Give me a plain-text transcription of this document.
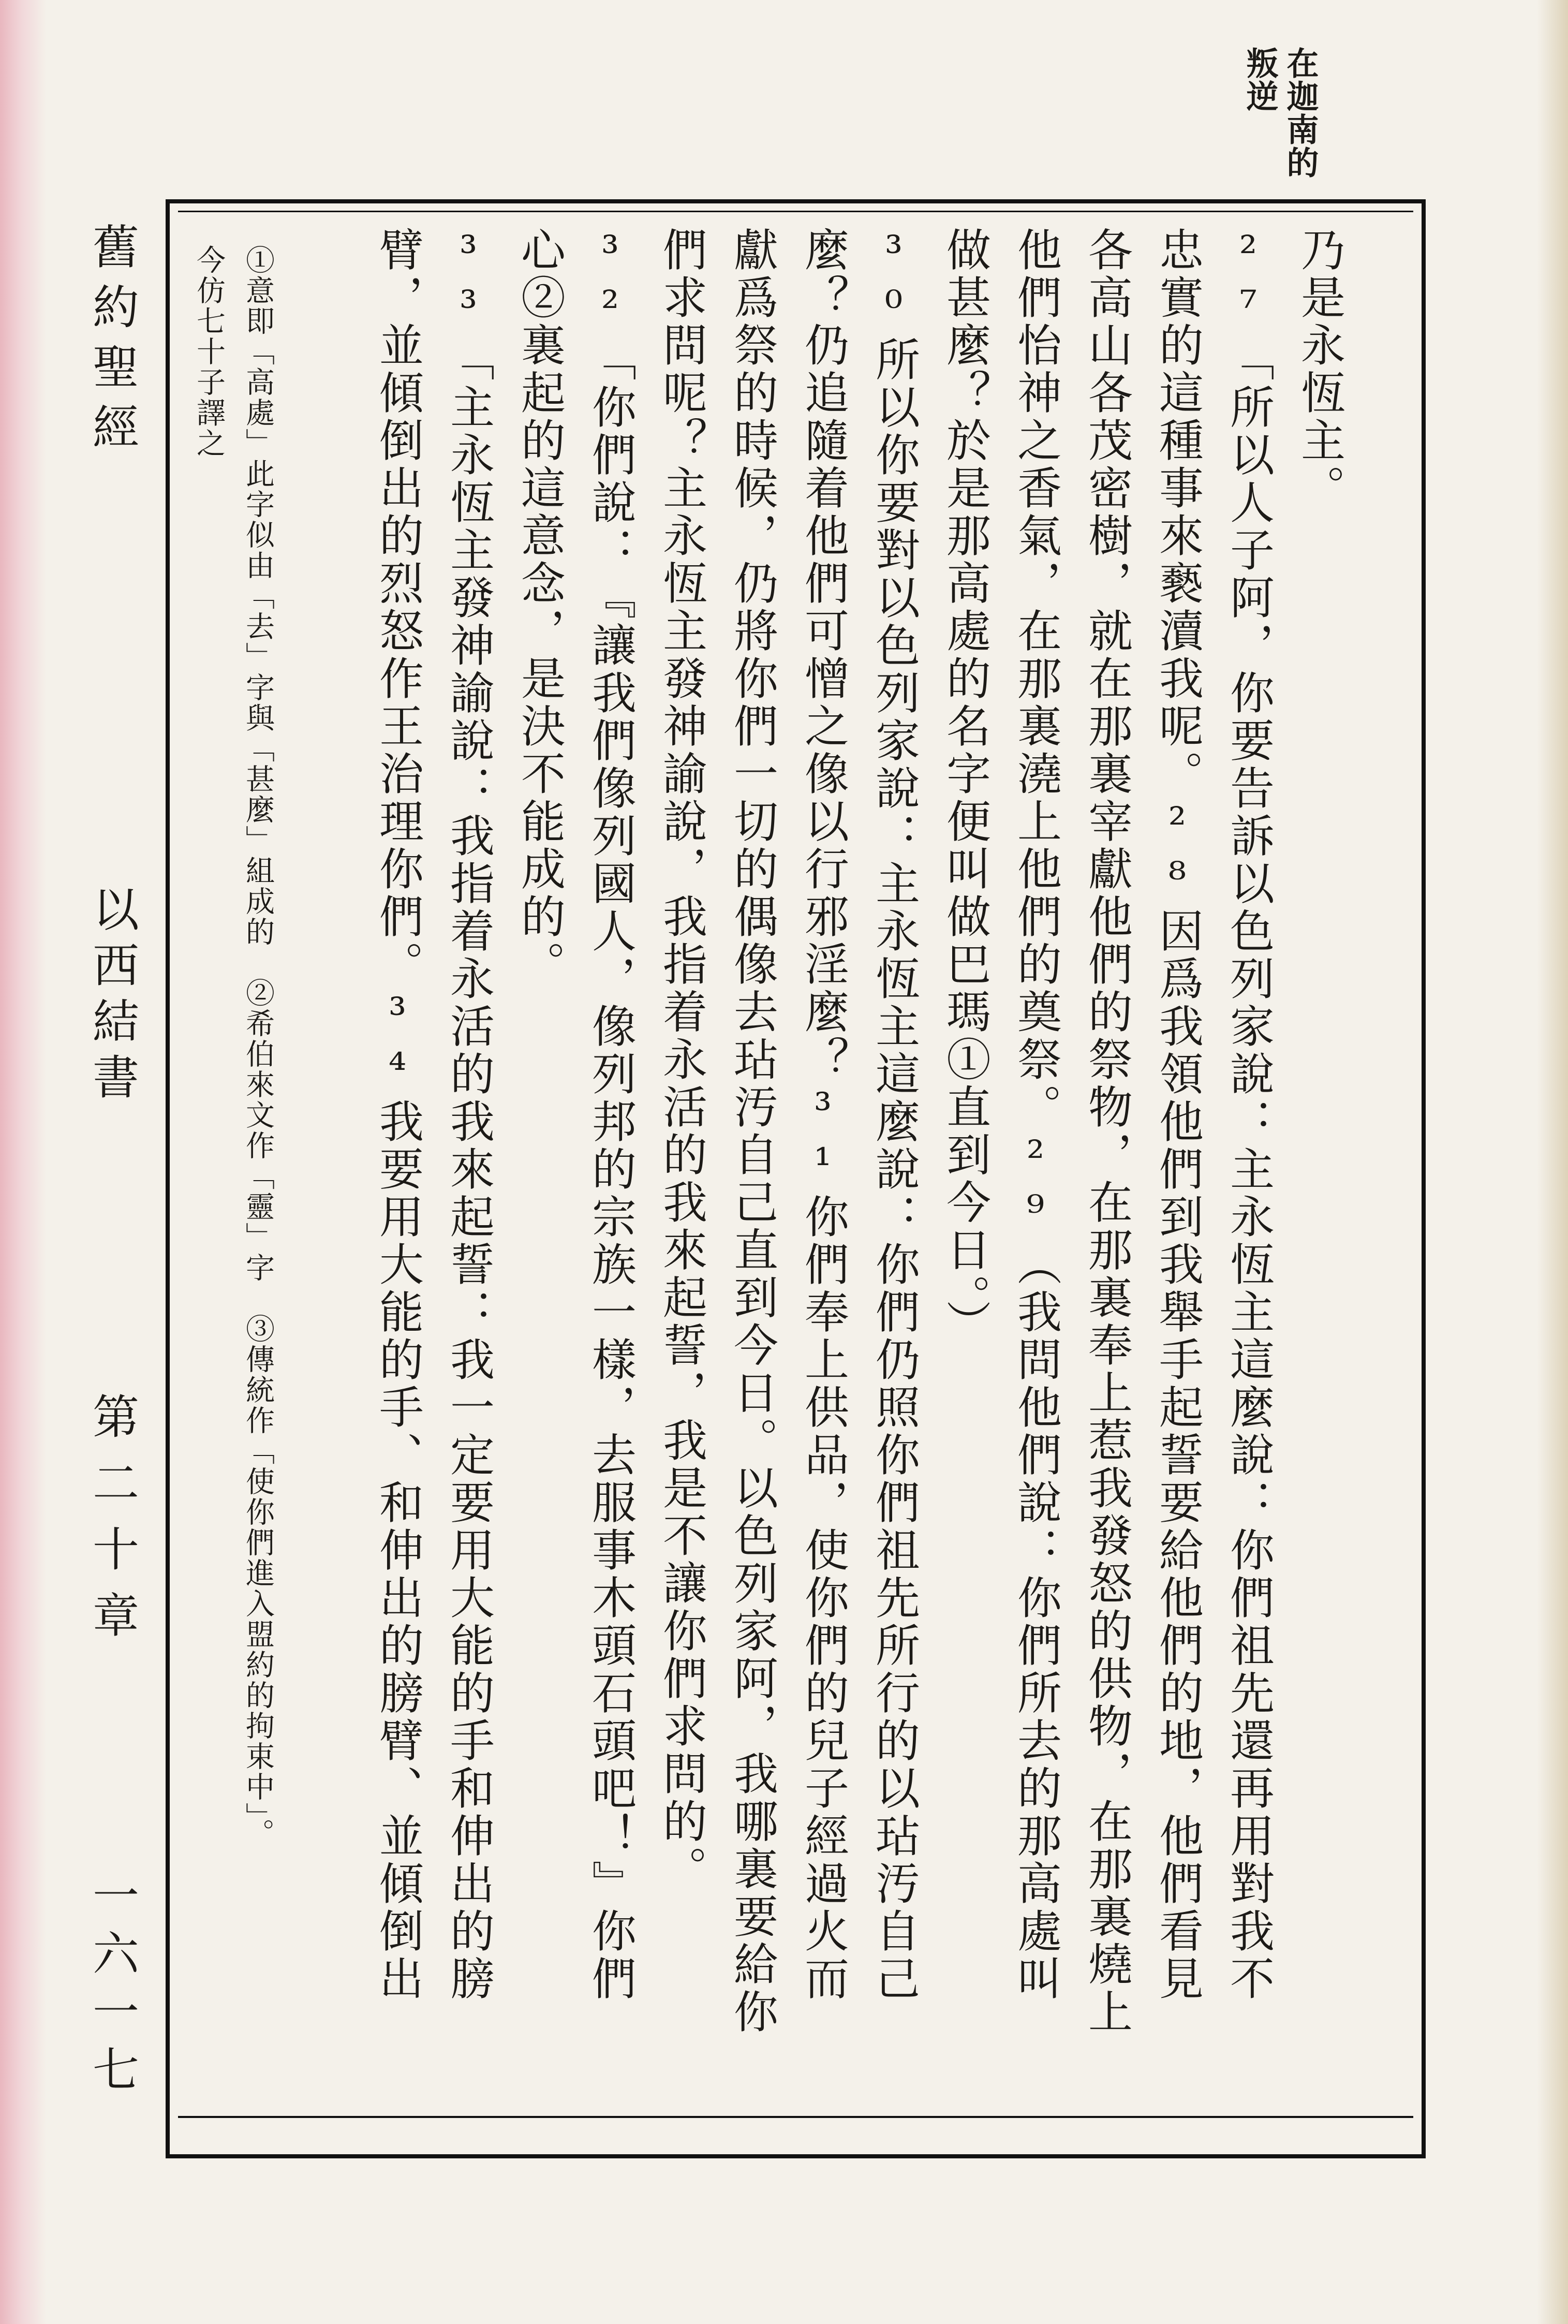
在迦南的
叛逆

乃是永恆主。

²⁷「所以人子阿，你要告訴以色列家說：主永恆主這麼說：你們祖先還再用對我不忠實的這種事來褻瀆我呢。²⁸因爲我領他們到我舉手起誓要給他們的地，他們看見各高山各茂密樹，就在那裏宰獻他們的祭物，在那裏奉上惹我發怒的供物，在那裏燒上他們怡神之香氣，在那裏澆上他們的奠祭。²⁹（我問他們說：你們所去的那高處叫做甚麼？於是那高處的名字便叫做巴瑪①直到今日。）

³⁰所以你要對以色列家說：主永恆主這麼說：你們仍照你們祖先所行的以玷汚自己麼？仍追隨着他們可憎之像以行邪淫麼？³¹你們奉上供品，使你們的兒子經過火而獻爲祭的時候，仍將你們一切的偶像去玷汚自己直到今日。以色列家阿，我哪裏要給你們求問呢？主永恆主發神諭說，我指着永活的我來起誓，我是不讓你們求問的。

³²「你們說：『讓我們像列國人，像列邦的宗族一樣，去服事木頭石頭吧！』你們心②裏起的這意念，是決不能成的。

³³「主永恆主發神諭說：我指着永活的我來起誓：我一定要用大能的手和伸出的膀臂，並傾倒出的烈怒作王治理你們。³⁴我要用大能的手、和伸出的膀臂、並傾倒出

①意即「高處」此字似由「去」字與「甚麼」組成的　②希伯來文作「靈」字　③傳統作「使你們進入盟約的拘束中」。

今仿七十子譯之

舊約聖經
以西結書
第二十章
一六一七
